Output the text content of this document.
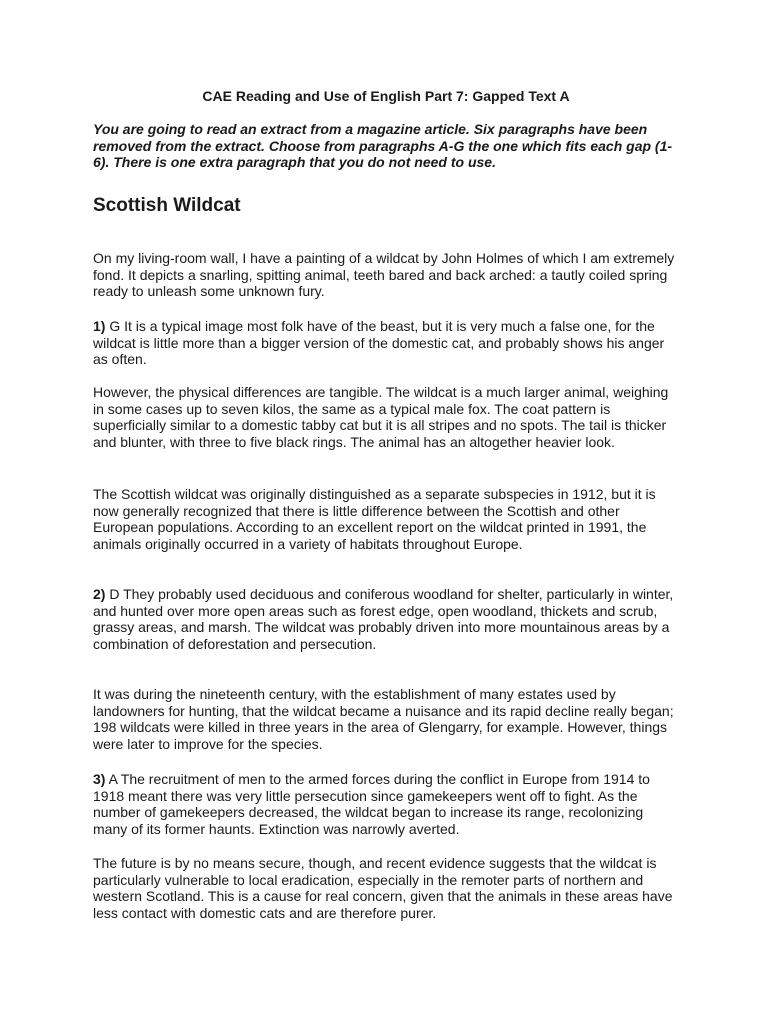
CAE Reading and Use of English Part 7: Gapped Text A

You are going to read an extract from a magazine article. Six paragraphs have been removed from the extract. Choose from paragraphs A-G the one which fits each gap (1-6). There is one extra paragraph that you do not need to use.

Scottish Wildcat

On my living-room wall, I have a painting of a wildcat by John Holmes of which I am extremely fond. It depicts a snarling, spitting animal, teeth bared and back arched: a tautly coiled spring ready to unleash some unknown fury.

1) G It is a typical image most folk have of the beast, but it is very much a false one, for the wildcat is little more than a bigger version of the domestic cat, and probably shows his anger as often.

However, the physical differences are tangible. The wildcat is a much larger animal, weighing in some cases up to seven kilos, the same as a typical male fox. The coat pattern is superficially similar to a domestic tabby cat but it is all stripes and no spots. The tail is thicker and blunter, with three to five black rings. The animal has an altogether heavier look.

The Scottish wildcat was originally distinguished as a separate subspecies in 1912, but it is now generally recognized that there is little difference between the Scottish and other European populations. According to an excellent report on the wildcat printed in 1991, the animals originally occurred in a variety of habitats throughout Europe.

2) D They probably used deciduous and coniferous woodland for shelter, particularly in winter, and hunted over more open areas such as forest edge, open woodland, thickets and scrub, grassy areas, and marsh. The wildcat was probably driven into more mountainous areas by a combination of deforestation and persecution.

It was during the nineteenth century, with the establishment of many estates used by landowners for hunting, that the wildcat became a nuisance and its rapid decline really began; 198 wildcats were killed in three years in the area of Glengarry, for example. However, things were later to improve for the species.

3) A The recruitment of men to the armed forces during the conflict in Europe from 1914 to 1918 meant there was very little persecution since gamekeepers went off to fight. As the number of gamekeepers decreased, the wildcat began to increase its range, recolonizing many of its former haunts. Extinction was narrowly averted.

The future is by no means secure, though, and recent evidence suggests that the wildcat is particularly vulnerable to local eradication, especially in the remoter parts of northern and western Scotland. This is a cause for real concern, given that the animals in these areas have less contact with domestic cats and are therefore purer.
